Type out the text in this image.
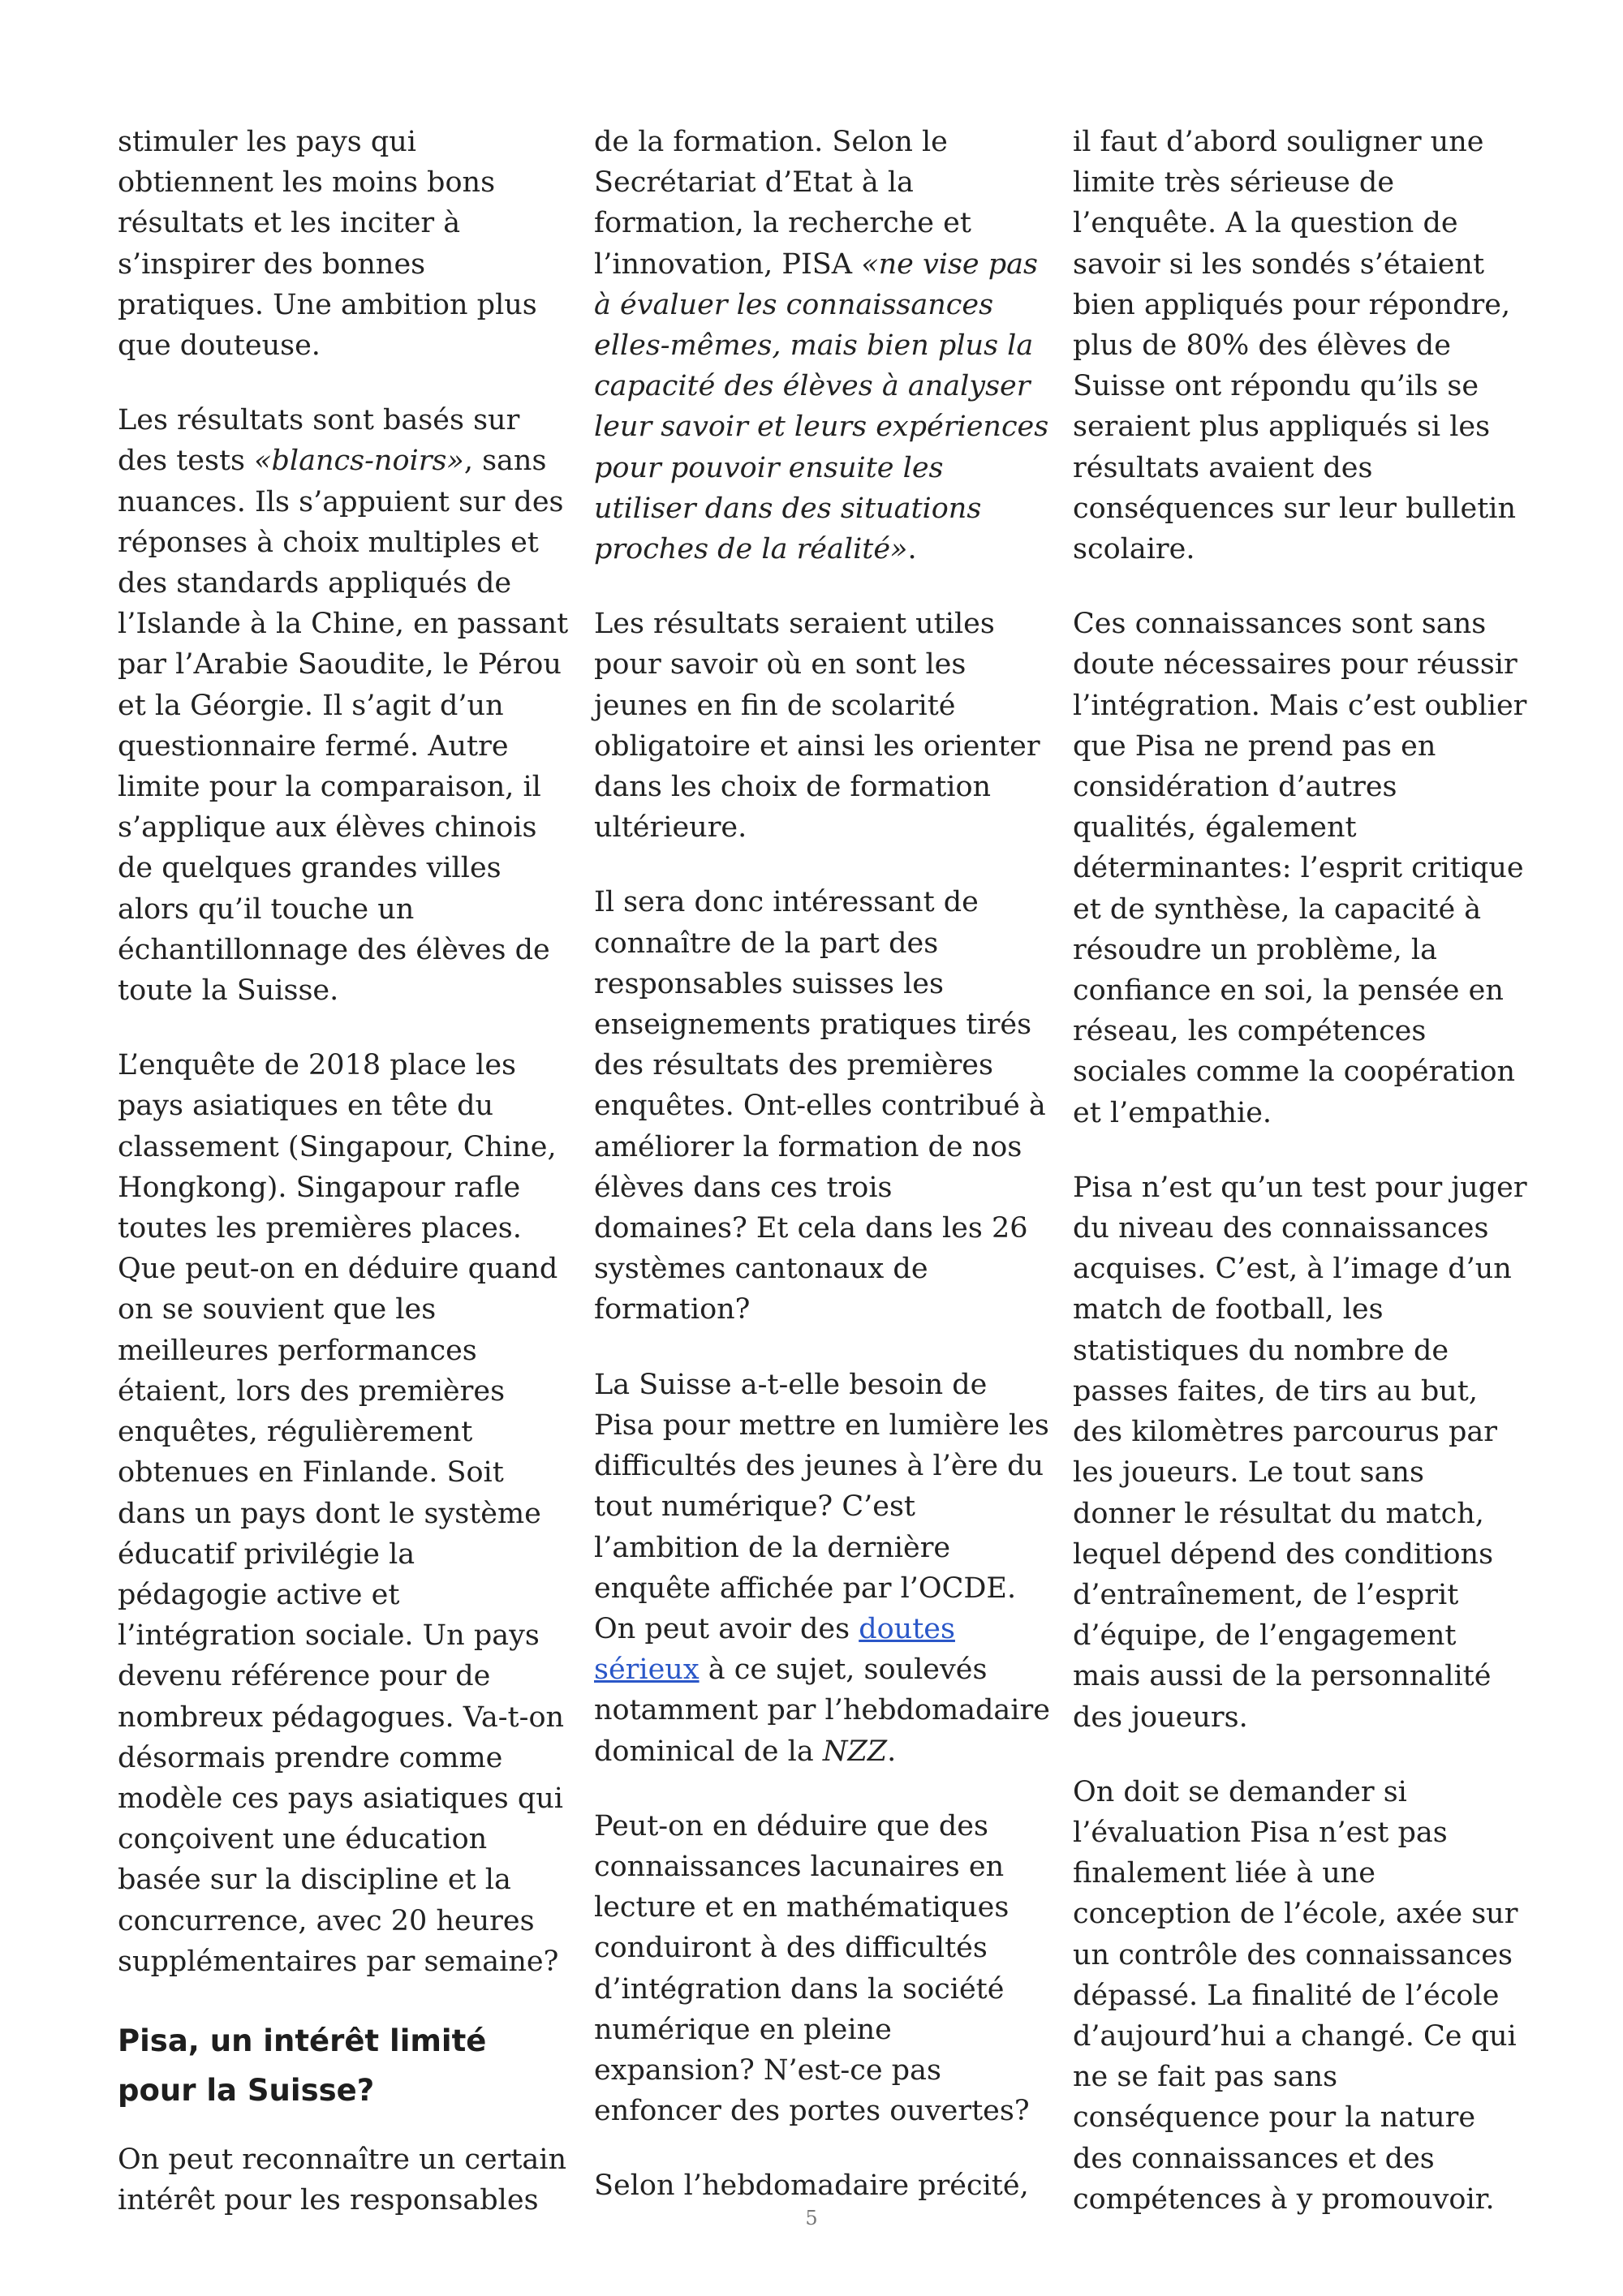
stimuler les pays qui obtiennent les moins bons résultats et les inciter à s’inspirer des bonnes pratiques. Une ambition plus que douteuse.

Les résultats sont basés sur des tests «blancs-noirs», sans nuances. Ils s’appuient sur des réponses à choix multiples et des standards appliqués de l’Islande à la Chine, en passant par l’Arabie Saoudite, le Pérou et la Géorgie. Il s’agit d’un questionnaire fermé. Autre limite pour la comparaison, il s’applique aux élèves chinois de quelques grandes villes alors qu’il touche un échantillonnage des élèves de toute la Suisse.

L’enquête de 2018 place les pays asiatiques en tête du classement (Singapour, Chine, Hongkong). Singapour rafle toutes les premières places. Que peut-on en déduire quand on se souvient que les meilleures performances étaient, lors des premières enquêtes, régulièrement obtenues en Finlande. Soit dans un pays dont le système éducatif privilégie la pédagogie active et l’intégration sociale. Un pays devenu référence pour de nombreux pédagogues. Va-t-on désormais prendre comme modèle ces pays asiatiques qui conçoivent une éducation basée sur la discipline et la concurrence, avec 20 heures supplémentaires par semaine?

Pisa, un intérêt limité pour la Suisse?

On peut reconnaître un certain intérêt pour les responsables

de la formation. Selon le Secrétariat d’Etat à la formation, la recherche et l’innovation, PISA «ne vise pas à évaluer les connaissances elles-mêmes, mais bien plus la capacité des élèves à analyser leur savoir et leurs expériences pour pouvoir ensuite les utiliser dans des situations proches de la réalité».

Les résultats seraient utiles pour savoir où en sont les jeunes en fin de scolarité obligatoire et ainsi les orienter dans les choix de formation ultérieure.

Il sera donc intéressant de connaître de la part des responsables suisses les enseignements pratiques tirés des résultats des premières enquêtes. Ont-elles contribué à améliorer la formation de nos élèves dans ces trois domaines? Et cela dans les 26 systèmes cantonaux de formation?

La Suisse a-t-elle besoin de Pisa pour mettre en lumière les difficultés des jeunes à l’ère du tout numérique? C’est l’ambition de la dernière enquête affichée par l’OCDE. On peut avoir des doutes sérieux à ce sujet, soulevés notamment par l’hebdomadaire dominical de la NZZ.

Peut-on en déduire que des connaissances lacunaires en lecture et en mathématiques conduiront à des difficultés d’intégration dans la société numérique en pleine expansion? N’est-ce pas enfoncer des portes ouvertes?

Selon l’hebdomadaire précité,

il faut d’abord souligner une limite très sérieuse de l’enquête. A la question de savoir si les sondés s’étaient bien appliqués pour répondre, plus de 80% des élèves de Suisse ont répondu qu’ils se seraient plus appliqués si les résultats avaient des conséquences sur leur bulletin scolaire.

Ces connaissances sont sans doute nécessaires pour réussir l’intégration. Mais c’est oublier que Pisa ne prend pas en considération d’autres qualités, également déterminantes: l’esprit critique et de synthèse, la capacité à résoudre un problème, la confiance en soi, la pensée en réseau, les compétences sociales comme la coopération et l’empathie.

Pisa n’est qu’un test pour juger du niveau des connaissances acquises. C’est, à l’image d’un match de football, les statistiques du nombre de passes faites, de tirs au but, des kilomètres parcourus par les joueurs. Le tout sans donner le résultat du match, lequel dépend des conditions d’entraînement, de l’esprit d’équipe, de l’engagement mais aussi de la personnalité des joueurs.

On doit se demander si l’évaluation Pisa n’est pas finalement liée à une conception de l’école, axée sur un contrôle des connaissances dépassé. La finalité de l’école d’aujourd’hui a changé. Ce qui ne se fait pas sans conséquence pour la nature des connaissances et des compétences à y promouvoir.

5
